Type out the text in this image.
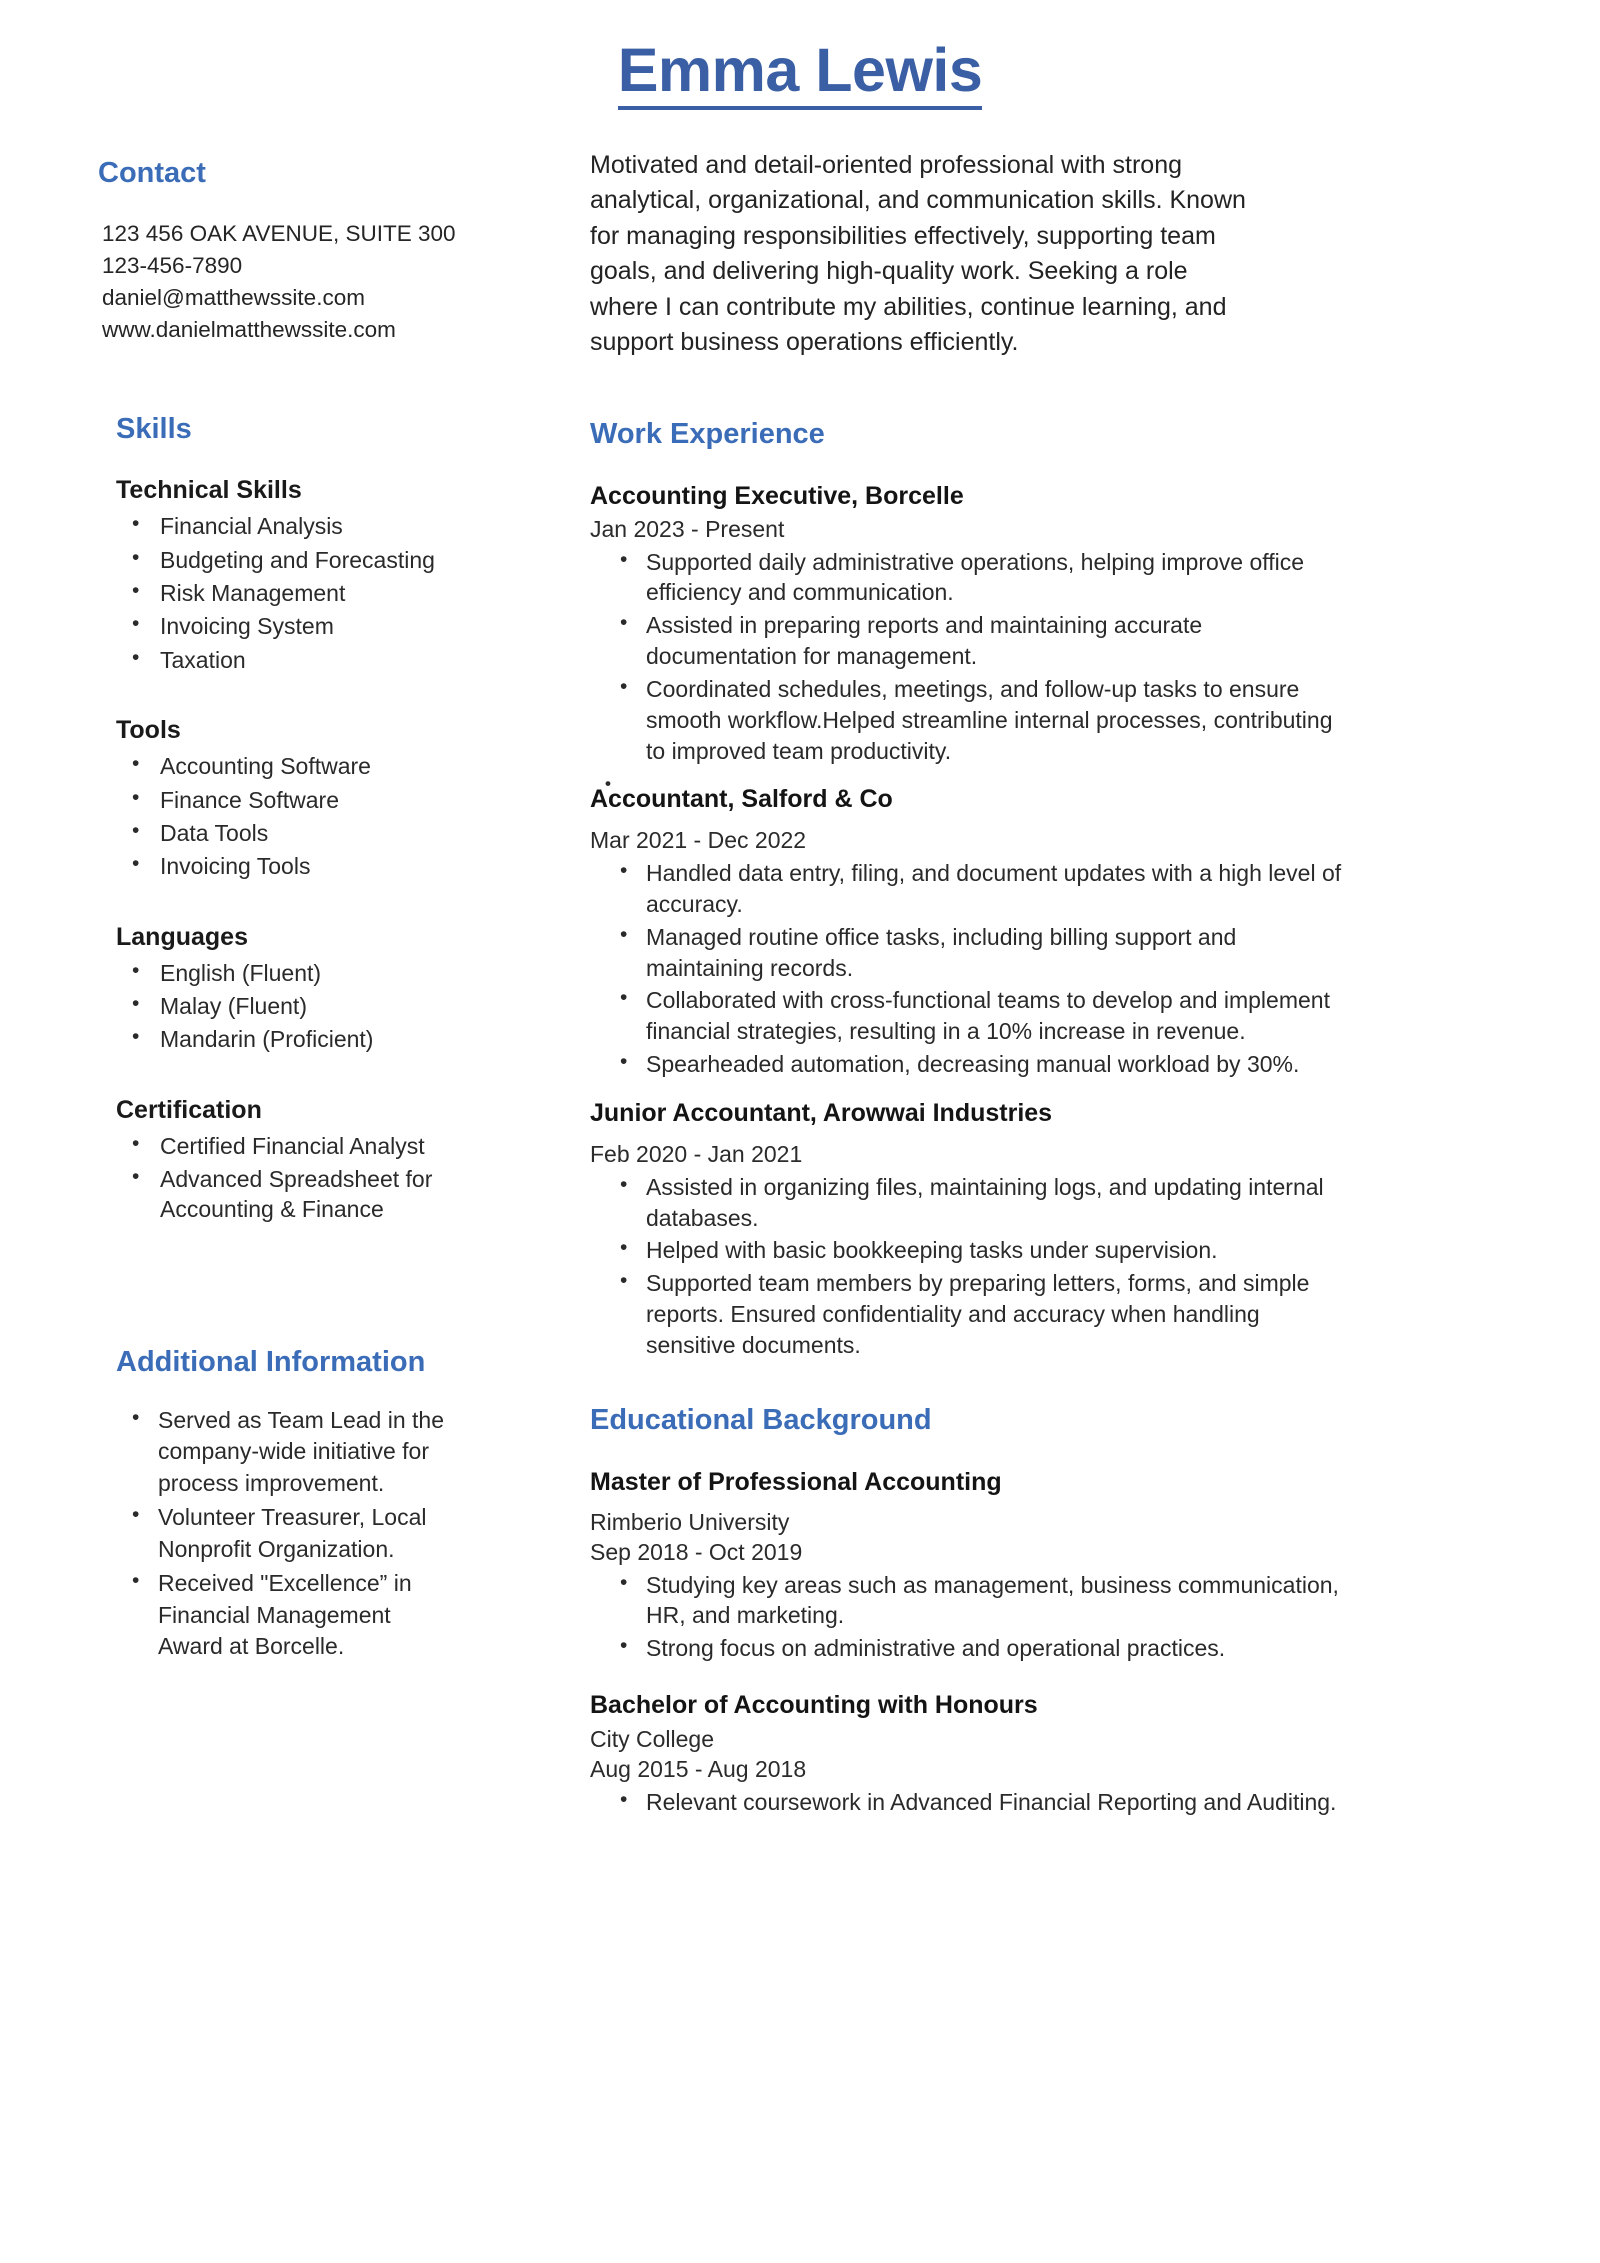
Emma Lewis
Contact
123 456 OAK AVENUE, SUITE 300
123-456-7890
daniel@matthewssite.com
www.danielmatthewssite.com
Skills
Technical Skills
• Financial Analysis
• Budgeting and Forecasting
• Risk Management
• Invoicing System
• Taxation
Tools
• Accounting Software
• Finance Software
• Data Tools
• Invoicing Tools
Languages
• English (Fluent)
• Malay (Fluent)
• Mandarin (Proficient)
Certification
• Certified Financial Analyst
• Advanced Spreadsheet for Accounting & Finance
Additional Information
• Served as Team Lead in the company-wide initiative for process improvement.
• Volunteer Treasurer, Local Nonprofit Organization.
• Received "Excellence” in Financial Management Award at Borcelle.

Motivated and detail-oriented professional with strong analytical, organizational, and communication skills. Known for managing responsibilities effectively, supporting team goals, and delivering high-quality work. Seeking a role where I can contribute my abilities, continue learning, and support business operations efficiently.

Work Experience
Accounting Executive, Borcelle
Jan 2023 - Present
• Supported daily administrative operations, helping improve office efficiency and communication.
• Assisted in preparing reports and maintaining accurate documentation for management.
• Coordinated schedules, meetings, and follow-up tasks to ensure smooth workflow.Helped streamline internal processes, contributing to improved team productivity.
• Accountant, Salford & Co
Mar 2021 - Dec 2022
• Handled data entry, filing, and document updates with a high level of accuracy.
• Managed routine office tasks, including billing support and maintaining records.
• Collaborated with cross-functional teams to develop and implement financial strategies, resulting in a 10% increase in revenue.
• Spearheaded automation, decreasing manual workload by 30%.
Junior Accountant, Arowwai Industries
Feb 2020 - Jan 2021
• Assisted in organizing files, maintaining logs, and updating internal databases.
• Helped with basic bookkeeping tasks under supervision.
• Supported team members by preparing letters, forms, and simple reports. Ensured confidentiality and accuracy when handling sensitive documents.
Educational Background
Master of Professional Accounting
Rimberio University
Sep 2018 - Oct 2019
• Studying key areas such as management, business communication, HR, and marketing.
• Strong focus on administrative and operational practices.
Bachelor of Accounting with Honours
City College
Aug 2015 - Aug 2018
• Relevant coursework in Advanced Financial Reporting and Auditing.
